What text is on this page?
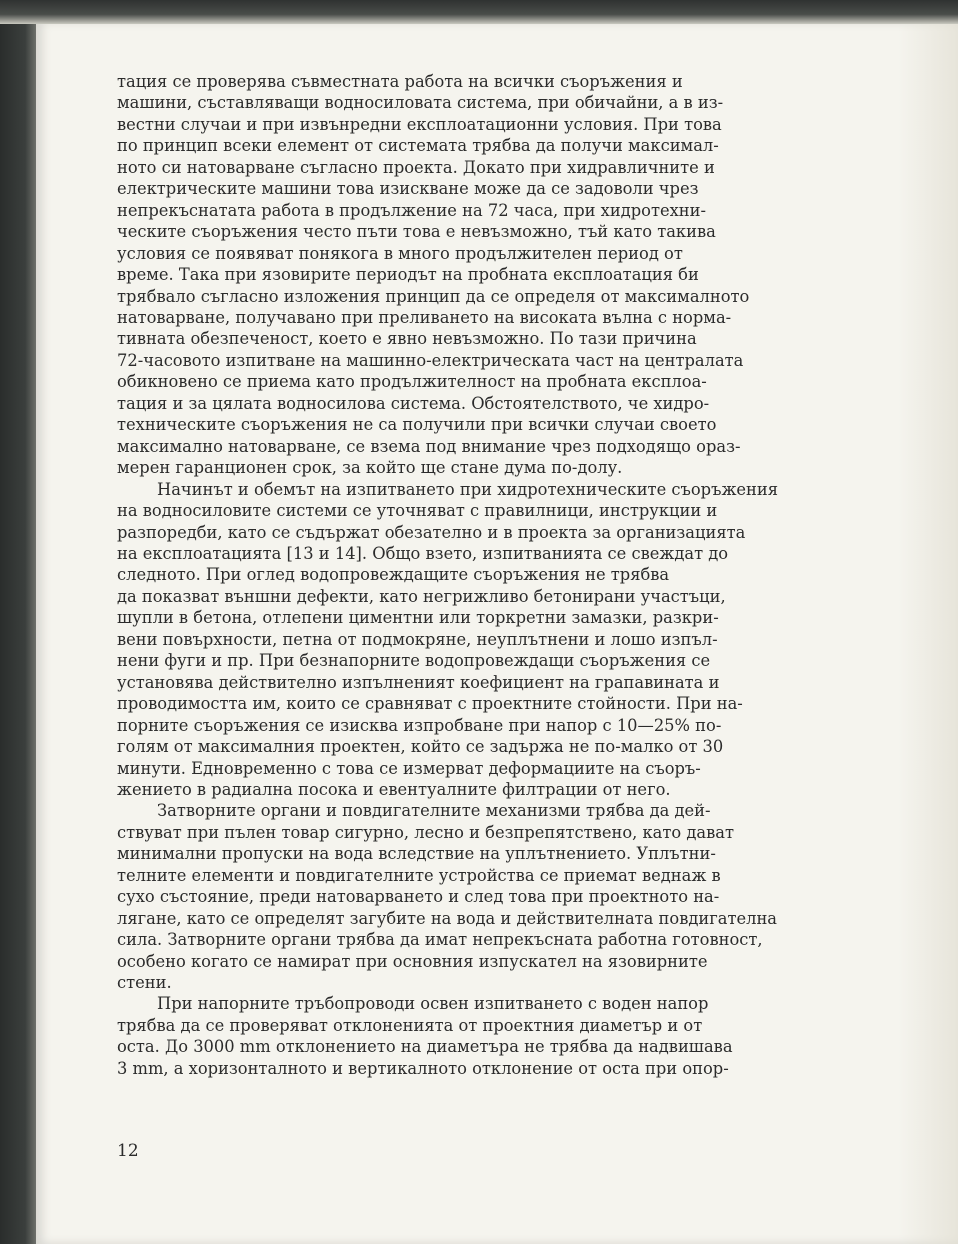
тация се проверява съвместната работа на всички съоръжения и
машини, съставляващи водносиловата система, при обичайни, а в из-
вестни случаи и при извънредни експлоатационни условия. При това
по принцип всеки елемент от системата трябва да получи максимал-
ното си натоварване съгласно проекта. Докато при хидравличните и
електрическите машини това изискване може да се задоволи чрез
непрекъснатата работа в продължение на 72 часа, при хидротехни-
ческите съоръжения често пъти това е невъзможно, тъй като такива
условия се появяват понякога в много продължителен период от
време. Така при язовирите периодът на пробната експлоатация би
трябвало съгласно изложения принцип да се определя от максималното
натоварване, получавано при преливането на високата вълна с норма-
тивната обезпеченост, което е явно невъзможно. По тази причина
72-часовото изпитване на машинно-електрическата част на централата
обикновено се приема като продължителност на пробната експлоа-
тация и за цялата водносилова система. Обстоятелството, че хидро-
техническите съоръжения не са получили при всички случаи своето
максимално натоварване, се взема под внимание чрез подходящо ораз-
мерен гаранционен срок, за който ще стане дума по-долу.
Начинът и обемът на изпитването при хидротехническите съоръжения
на водносиловите системи се уточняват с правилници, инструкции и
разпоредби, като се съдържат обезателно и в проекта за организацията
на експлоатацията [13 и 14]. Общо взето, изпитванията се свеждат до
следното. При оглед водопровеждащите съоръжения не трябва
да показват външни дефекти, като негрижливо бетонирани участъци,
шупли в бетона, отлепени циментни или торкретни замазки, разкри-
вени повърхности, петна от подмокряне, неуплътнени и лошо изпъл-
нени фуги и пр. При безнапорните водопровеждащи съоръжения се
установява действително изпълненият коефициент на грапавината и
проводимостта им, които се сравняват с проектните стойности. При на-
порните съоръжения се изисква изпробване при напор с 10—25% по-
голям от максималния проектен, който се задържа не по-малко от 30
минути. Едновременно с това се измерват деформациите на съоръ-
жението в радиална посока и евентуалните филтрации от него.
Затворните органи и повдигателните механизми трябва да дей-
ствуват при пълен товар сигурно, лесно и безпрепятствено, като дават
минимални пропуски на вода вследствие на уплътнението. Уплътни-
телните елементи и повдигателните устройства се приемат веднаж в
сухо състояние, преди натоварването и след това при проектното на-
лягане, като се определят загубите на вода и действителната повдигателна
сила. Затворните органи трябва да имат непрекъсната работна готовност,
особено когато се намират при основния изпускател на язовирните
стени.
При напорните тръбопроводи освен изпитването с воден напор
трябва да се проверяват отклоненията от проектния диаметър и от
оста. До 3000 mm отклонението на диаметъра не трябва да надвишава
3 mm, а хоризонталното и вертикалното отклонение от оста при опор-
12
